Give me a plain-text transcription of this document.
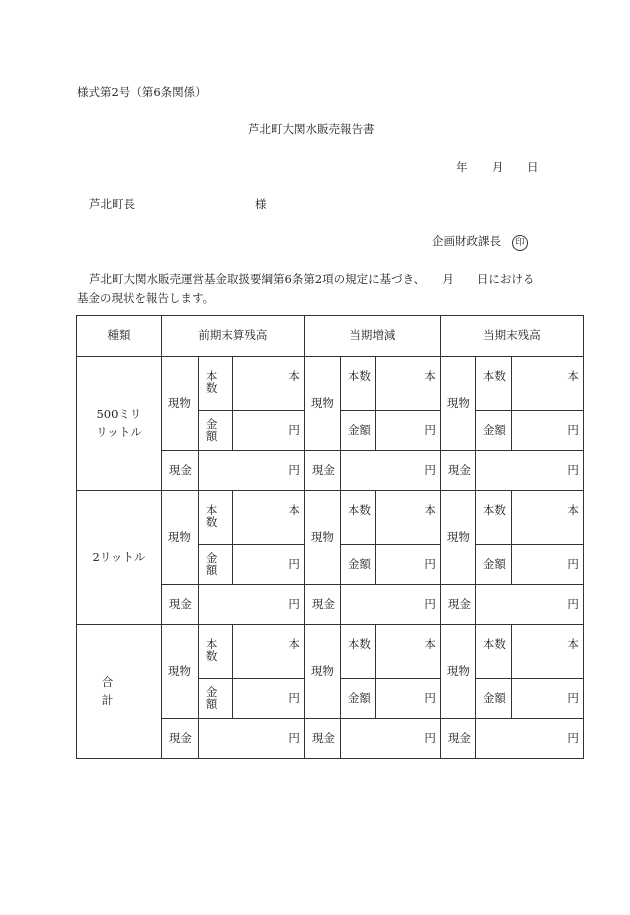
様式第2号（第6条関係）
芦北町大関水販売報告書
年 月 日
芦北町長	様
企画財政課長	印
芦北町大関水販売運営基金取扱要綱第6条第2項の規定に基づき、　　月　　日における
基金の現状を報告します。
種類	前期末算残高			当期増減			当期末残高		
500ミリ
リットル	現物	本数	本	現物	本数	本	現物	本数	本
		金額	円		金額	円		金額	円
	現金	円		現金	円		現金	円	
2リットル	現物	本数	本	現物	本数	本	現物	本数	本
		金額	円		金額	円		金額	円
	現金	円		現金	円		現金	円	
合　計	現物	本数	本	現物	本数	本	現物	本数	本
		金額	円		金額	円		金額	円
	現金	円		現金	円		現金	円	
